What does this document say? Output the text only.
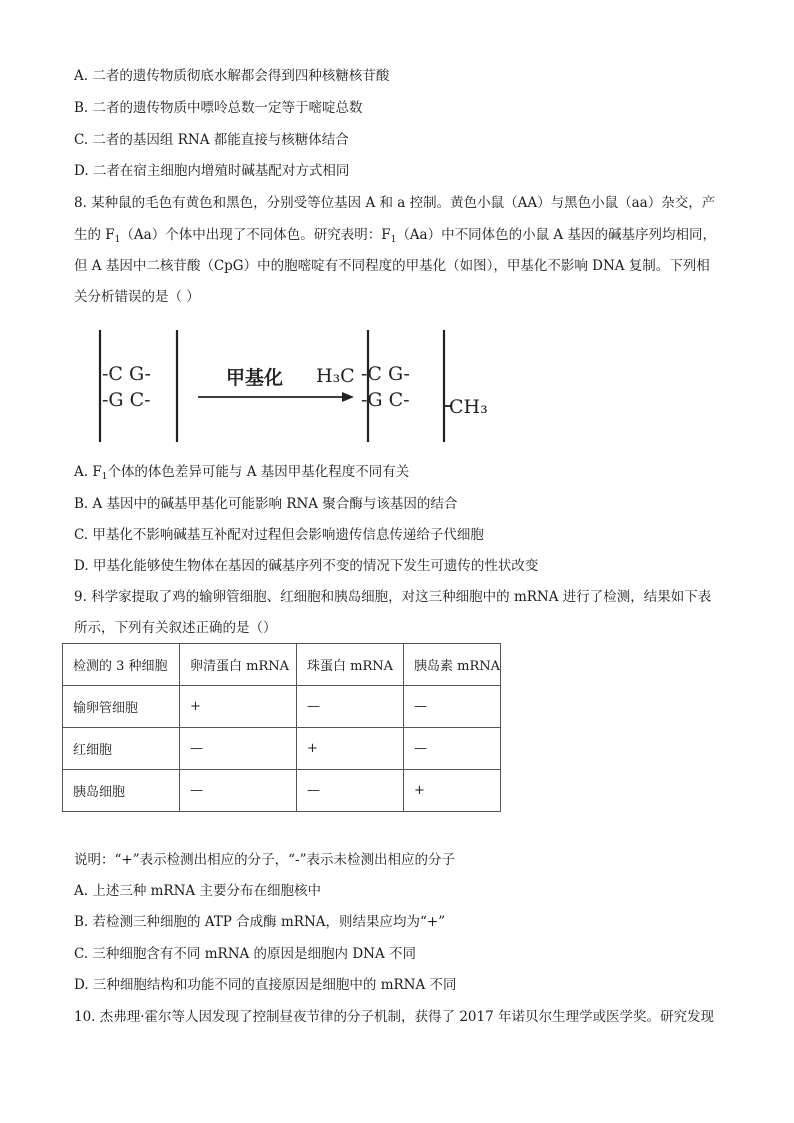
A. 二者的遗传物质彻底水解都会得到四种核糖核苷酸
B. 二者的遗传物质中嘌呤总数一定等于嘧啶总数
C. 二者的基因组 RNA 都能直接与核糖体结合
D. 二者在宿主细胞内增殖时碱基配对方式相同
8. 某种鼠的毛色有黄色和黑色，分别受等位基因 A 和 a 控制。黄色小鼠（AA）与黑色小鼠（aa）杂交，产
生的 $F_1(Aa)$个体中出现了不同体色。研究表明：$F_1(Aa)$中不同体色的小鼠 A 基因的碱基序列均相同，
但 A 基因中二核苷酸（CpG）中的胞嘧啶有不同程度的甲基化（如图），甲基化不影响 DNA 复制。下列相
关分析错误的是（ ）
-C G-
-G C-
甲基化 H₃C -C G-
-G C- CH₃
A. $F_1$个体的体色差异可能与 A 基因甲基化程度不同有关
B. A 基因中的碱基甲基化可能影响 RNA 聚合酶与该基因的结合
C. 甲基化不影响碱基互补配对过程但会影响遗传信息传递给子代细胞
D. 甲基化能够使生物体在基因的碱基序列不变的情况下发生可遗传的性状改变
9. 科学家提取了鸡的输卵管细胞、红细胞和胰岛细胞，对这三种细胞中的 mRNA 进行了检测，结果如下表
所示，下列有关叙述正确的是（）
检测的 3 种细胞	卵清蛋白 mRNA	珠蛋白 mRNA	胰岛素 mRNA
输卵管细胞	+	—	—
红细胞	—	+	—
胰岛细胞	—	—	+
说明：“+”表示检测出相应的分子，“-”表示未检测出相应的分子
A. 上述三种 mRNA 主要分布在细胞核中
B. 若检测三种细胞的 ATP 合成酶 mRNA，则结果应均为“+”
C. 三种细胞含有不同 mRNA 的原因是细胞内 DNA 不同
D. 三种细胞结构和功能不同的直接原因是细胞中的 mRNA 不同
10. 杰弗理·霍尔等人因发现了控制昼夜节律的分子机制，获得了 2017 年诺贝尔生理学或医学奖。研究发现
